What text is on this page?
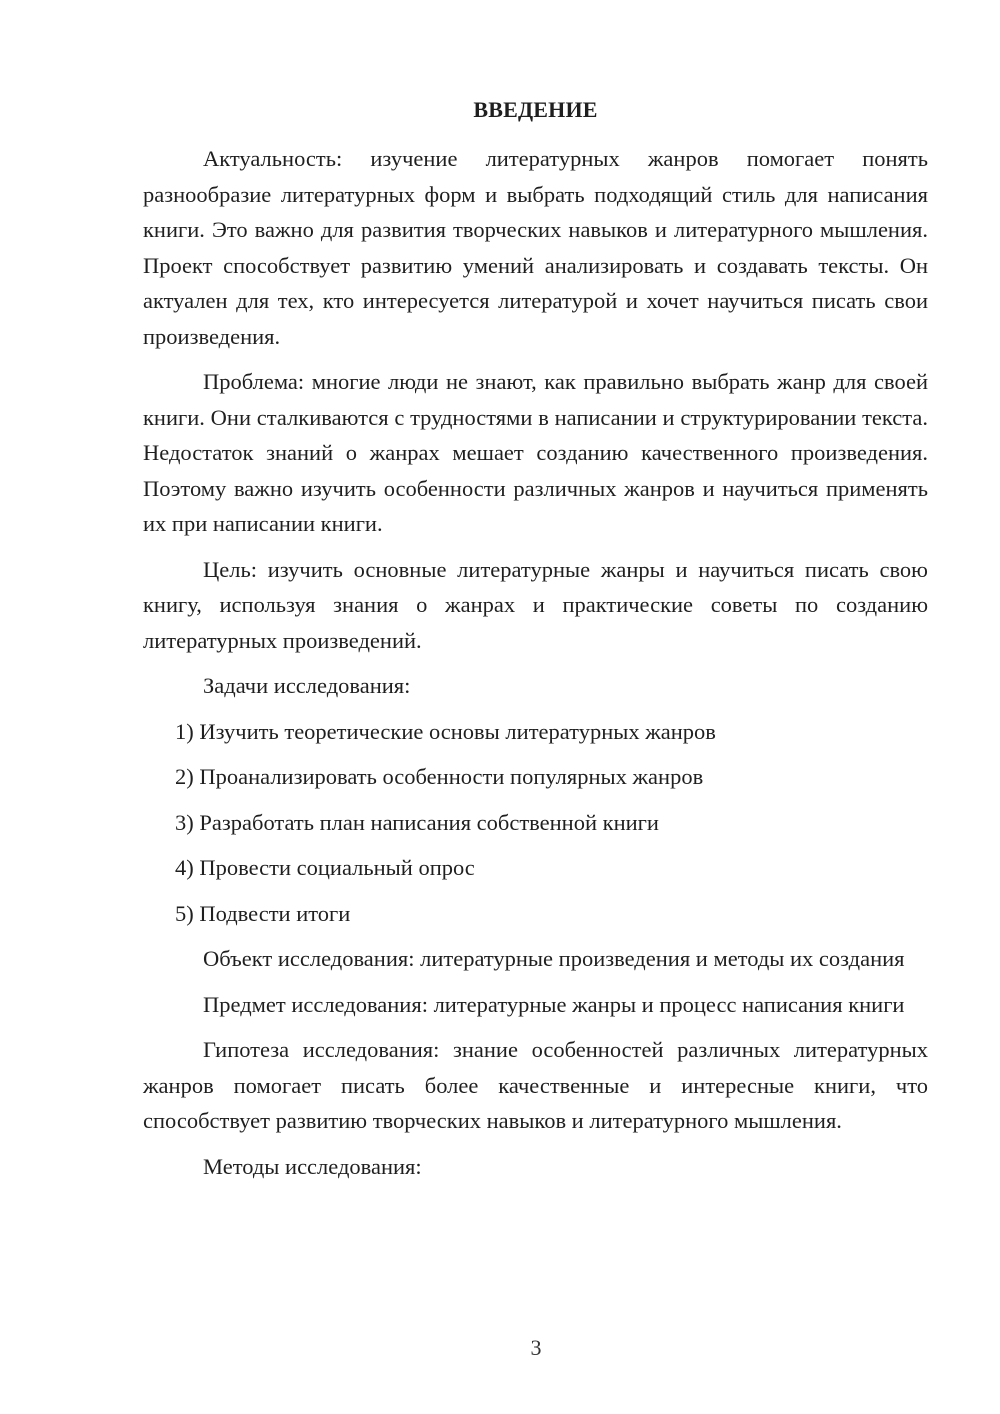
ВВЕДЕНИЕ

Актуальность: изучение литературных жанров помогает понять разнообразие литературных форм и выбрать подходящий стиль для написания книги. Это важно для развития творческих навыков и литературного мышления. Проект способствует развитию умений анализировать и создавать тексты. Он актуален для тех, кто интересуется литературой и хочет научиться писать свои произведения.

Проблема: многие люди не знают, как правильно выбрать жанр для своей книги. Они сталкиваются с трудностями в написании и структурировании текста. Недостаток знаний о жанрах мешает созданию качественного произведения. Поэтому важно изучить особенности различных жанров и научиться применять их при написании книги.

Цель: изучить основные литературные жанры и научиться писать свою книгу, используя знания о жанрах и практические советы по созданию литературных произведений.

Задачи исследования:

1) Изучить теоретические основы литературных жанров
2) Проанализировать особенности популярных жанров
3) Разработать план написания собственной книги
4) Провести социальный опрос
5) Подвести итоги

Объект исследования: литературные произведения и методы их создания

Предмет исследования: литературные жанры и процесс написания книги

Гипотеза исследования: знание особенностей различных литературных жанров помогает писать более качественные и интересные книги, что способствует развитию творческих навыков и литературного мышления.

Методы исследования:

3
